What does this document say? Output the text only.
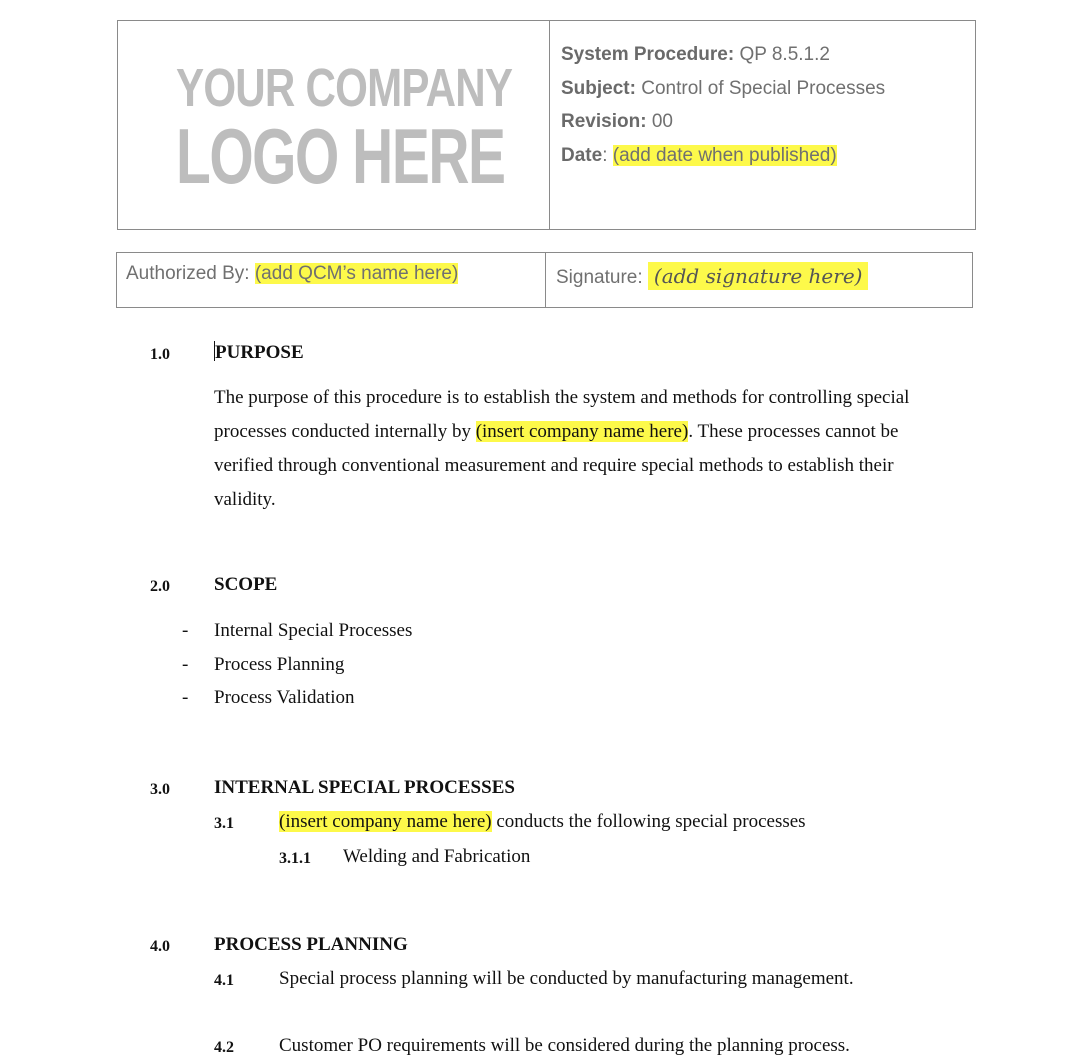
YOUR COMPANY
LOGO HERE
System Procedure: QP 8.5.1.2
Subject: Control of Special Processes
Revision: 00
Date: (add date when published)
Authorized By: (add QCM’s name here)	Signature: (add signature here)
1.0 PURPOSE
The purpose of this procedure is to establish the system and methods for controlling special
processes conducted internally by (insert company name here). These processes cannot be
verified through conventional measurement and require special methods to establish their
validity.
2.0 SCOPE
- Internal Special Processes
- Process Planning
- Process Validation
3.0 INTERNAL SPECIAL PROCESSES
3.1 (insert company name here) conducts the following special processes
3.1.1 Welding and Fabrication
4.0 PROCESS PLANNING
4.1 Special process planning will be conducted by manufacturing management.
4.2 Customer PO requirements will be considered during the planning process.
